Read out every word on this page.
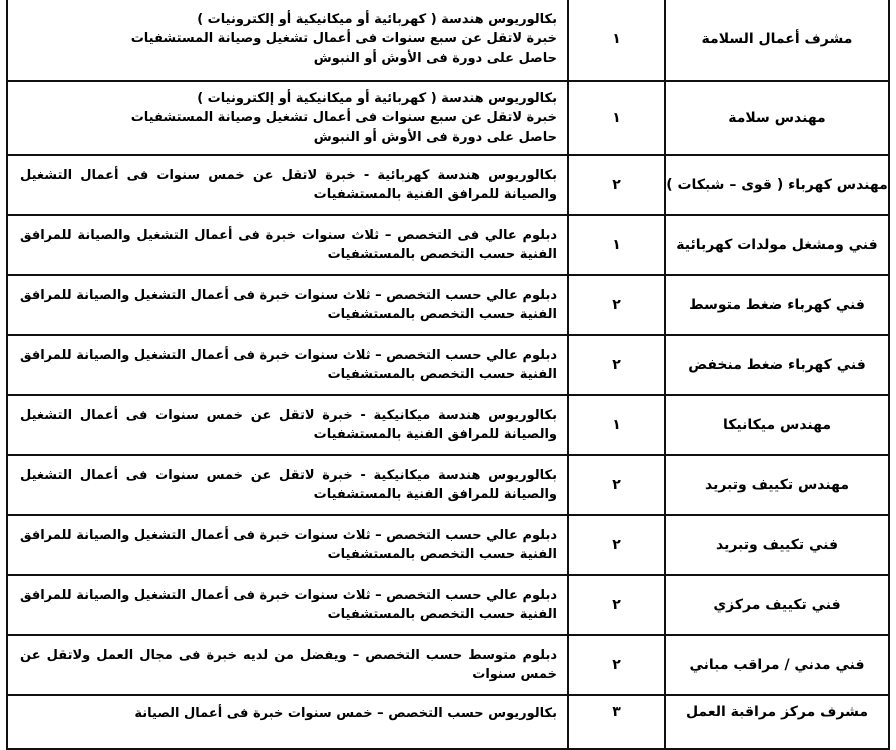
مشرف أعمال السلامة	١	بكالوريوس هندسة ( كهربائية أو ميكانيكية أو إلكترونيات )
خبرة لاتقل عن سبع سنوات فى أعمال تشغيل وصيانة المستشفيات
حاصل على دورة فى الأوش أو النبوش

مهندس سلامة	١	بكالوريوس هندسة ( كهربائية أو ميكانيكية أو إلكترونيات )
خبرة لاتقل عن سبع سنوات فى أعمال تشغيل وصيانة المستشفيات
حاصل على دورة فى الأوش أو النبوش

مهندس كهرباء ( قوى – شبكات )	٢	بكالوريوس هندسة كهربائية - خبرة لاتقل عن خمس سنوات فى أعمال التشغيل والصيانة للمرافق الفنية بالمستشفيات

فني ومشغل مولدات كهربائية	١	دبلوم عالي فى التخصص – ثلاث سنوات خبرة فى أعمال التشغيل والصيانة للمرافق الفنية حسب التخصص بالمستشفيات

فني كهرباء ضغط متوسط	٢	دبلوم عالي حسب التخصص – ثلاث سنوات خبرة فى أعمال التشغيل والصيانة للمرافق الفنية حسب التخصص بالمستشفيات

فني كهرباء ضغط منخفض	٢	دبلوم عالي حسب التخصص – ثلاث سنوات خبرة فى أعمال التشغيل والصيانة للمرافق الفنية حسب التخصص بالمستشفيات

مهندس ميكانيكا	١	بكالوريوس هندسة ميكانيكية - خبرة لاتقل عن خمس سنوات فى أعمال التشغيل والصيانة للمرافق الفنية بالمستشفيات

مهندس تكييف وتبريد	٢	بكالوريوس هندسة ميكانيكية - خبرة لاتقل عن خمس سنوات فى أعمال التشغيل والصيانة للمرافق الفنية بالمستشفيات

فني تكييف وتبريد	٢	دبلوم عالي حسب التخصص – ثلاث سنوات خبرة فى أعمال التشغيل والصيانة للمرافق الفنية حسب التخصص بالمستشفيات

فني تكييف مركزي	٢	دبلوم عالي حسب التخصص – ثلاث سنوات خبرة فى أعمال التشغيل والصيانة للمرافق الفنية حسب التخصص بالمستشفيات

فني مدني / مراقب مباني	٢	دبلوم متوسط حسب التخصص – ويفضل من لديه خبرة فى مجال العمل ولاتقل عن خمس سنوات

مشرف مركز مراقبة العمل	٣	بكالوريوس حسب التخصص – خمس سنوات خبرة فى أعمال الصيانة
